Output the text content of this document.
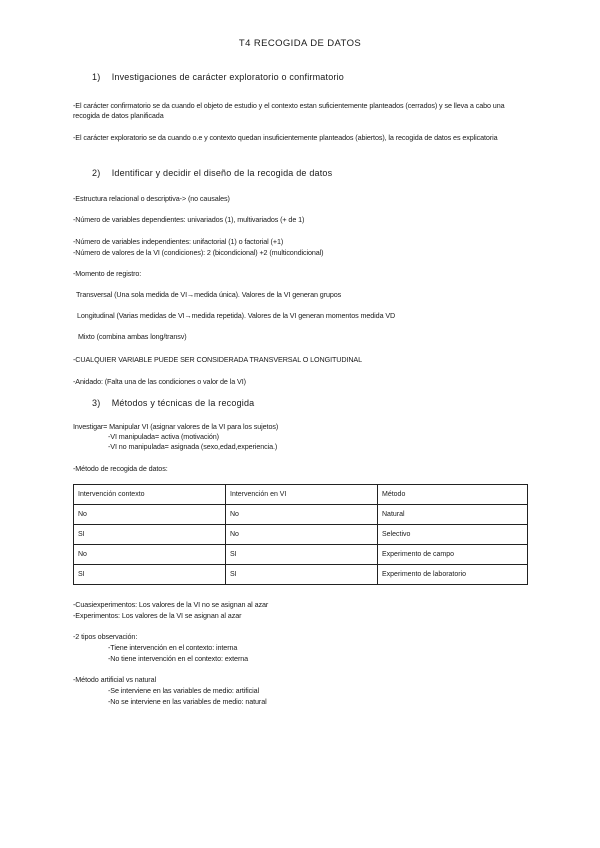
T4 RECOGIDA DE DATOS
1) Investigaciones de carácter exploratorio o confirmatorio
-El carácter confirmatorio se da cuando el objeto de estudio y el contexto estan suficientemente planteados (cerrados) y se lleva a cabo una recogida de datos planificada
-El carácter exploratorio se da cuando o.e y contexto quedan insuficientemente planteados (abiertos), la recogida de datos es explicatoria
2) Identificar y decidir el diseño de la recogida de datos
-Estructura relacional o descriptiva-> (no causales)
-Número de variables dependientes: univariados (1), multivariados (+ de 1)
-Número de variables independientes: unifactorial (1) o factorial (+1)
-Número de valores de la VI (condiciones): 2 (bicondicional) +2 (multicondicional)
-Momento de registro:
Transversal (Una sola medida de VI→medida única). Valores de la VI generan grupos
Longitudinal (Varias medidas de VI→medida repetida). Valores de la VI generan momentos medida VD
Mixto (combina ambas long/transv)
-CUALQUIER VARIABLE PUEDE SER CONSIDERADA TRANSVERSAL O LONGITUDINAL
-Anidado: (Falta una de las condiciones o valor de la VI)
3) Métodos y técnicas de la recogida
Investigar= Manipular VI (asignar valores de la VI para los sujetos)
-VI manipulada= activa (motivación)
-VI no manipulada= asignada (sexo,edad,experiencia.)
-Método de recogida de datos:
Intervención contexto	Intervención en VI	Método
No	No	Natural
SI	No	Selectivo
No	SI	Experimento de campo
SI	SI	Experimento de laboratorio
-Cuasiexperimentos: Los valores de la VI no se asignan al azar
-Experimentos: Los valores de la VI se asignan al azar
-2 tipos observación:
-Tiene intervención en el contexto: interna
-No tiene intervención en el contexto: externa
-Método artificial vs natural
-Se interviene en las variables de medio: artificial
-No se interviene en las variables de medio: natural
